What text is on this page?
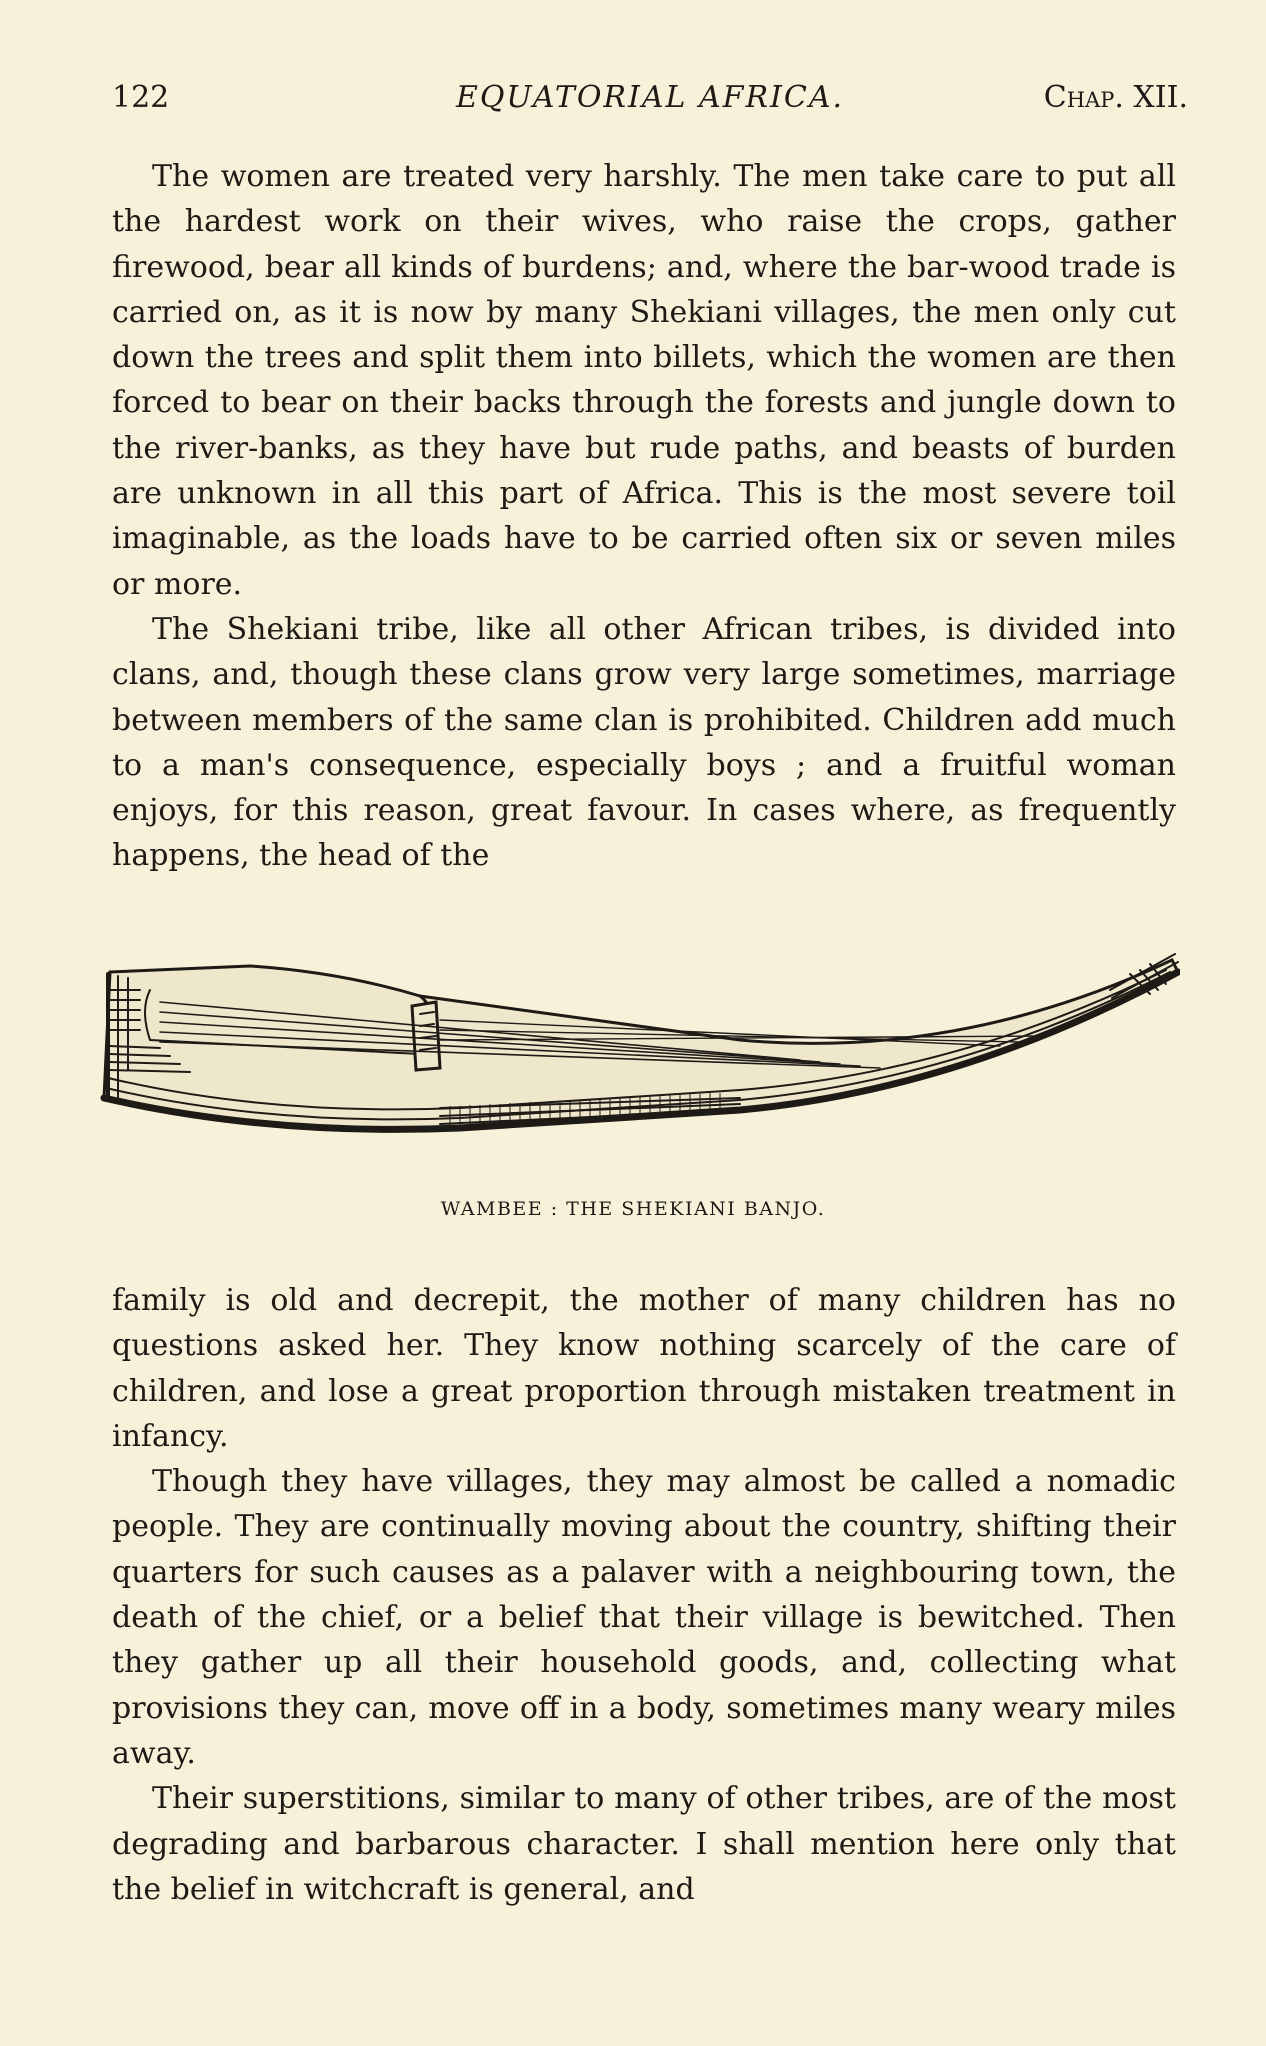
122	EQUATORIAL AFRICA.	Chap. XII.

The women are treated very harshly. The men take care to put all the hardest work on their wives, who raise the crops, gather firewood, bear all kinds of burdens; and, where the bar-wood trade is carried on, as it is now by many Shekiani villages, the men only cut down the trees and split them into billets, which the women are then forced to bear on their backs through the forests and jungle down to the river-banks, as they have but rude paths, and beasts of burden are unknown in all this part of Africa. This is the most severe toil imaginable, as the loads have to be carried often six or seven miles or more.

The Shekiani tribe, like all other African tribes, is divided into clans, and, though these clans grow very large sometimes, marriage between members of the same clan is prohibited. Children add much to a man's consequence, especially boys ; and a fruitful woman enjoys, for this reason, great favour. In cases where, as frequently happens, the head of the

WAMBEE : THE SHEKIANI BANJO.

family is old and decrepit, the mother of many children has no questions asked her. They know nothing scarcely of the care of children, and lose a great proportion through mistaken treatment in infancy.

Though they have villages, they may almost be called a nomadic people. They are continually moving about the country, shifting their quarters for such causes as a palaver with a neighbouring town, the death of the chief, or a belief that their village is bewitched. Then they gather up all their household goods, and, collecting what provisions they can, move off in a body, sometimes many weary miles away.

Their superstitions, similar to many of other tribes, are of the most degrading and barbarous character. I shall mention here only that the belief in witchcraft is general, and
